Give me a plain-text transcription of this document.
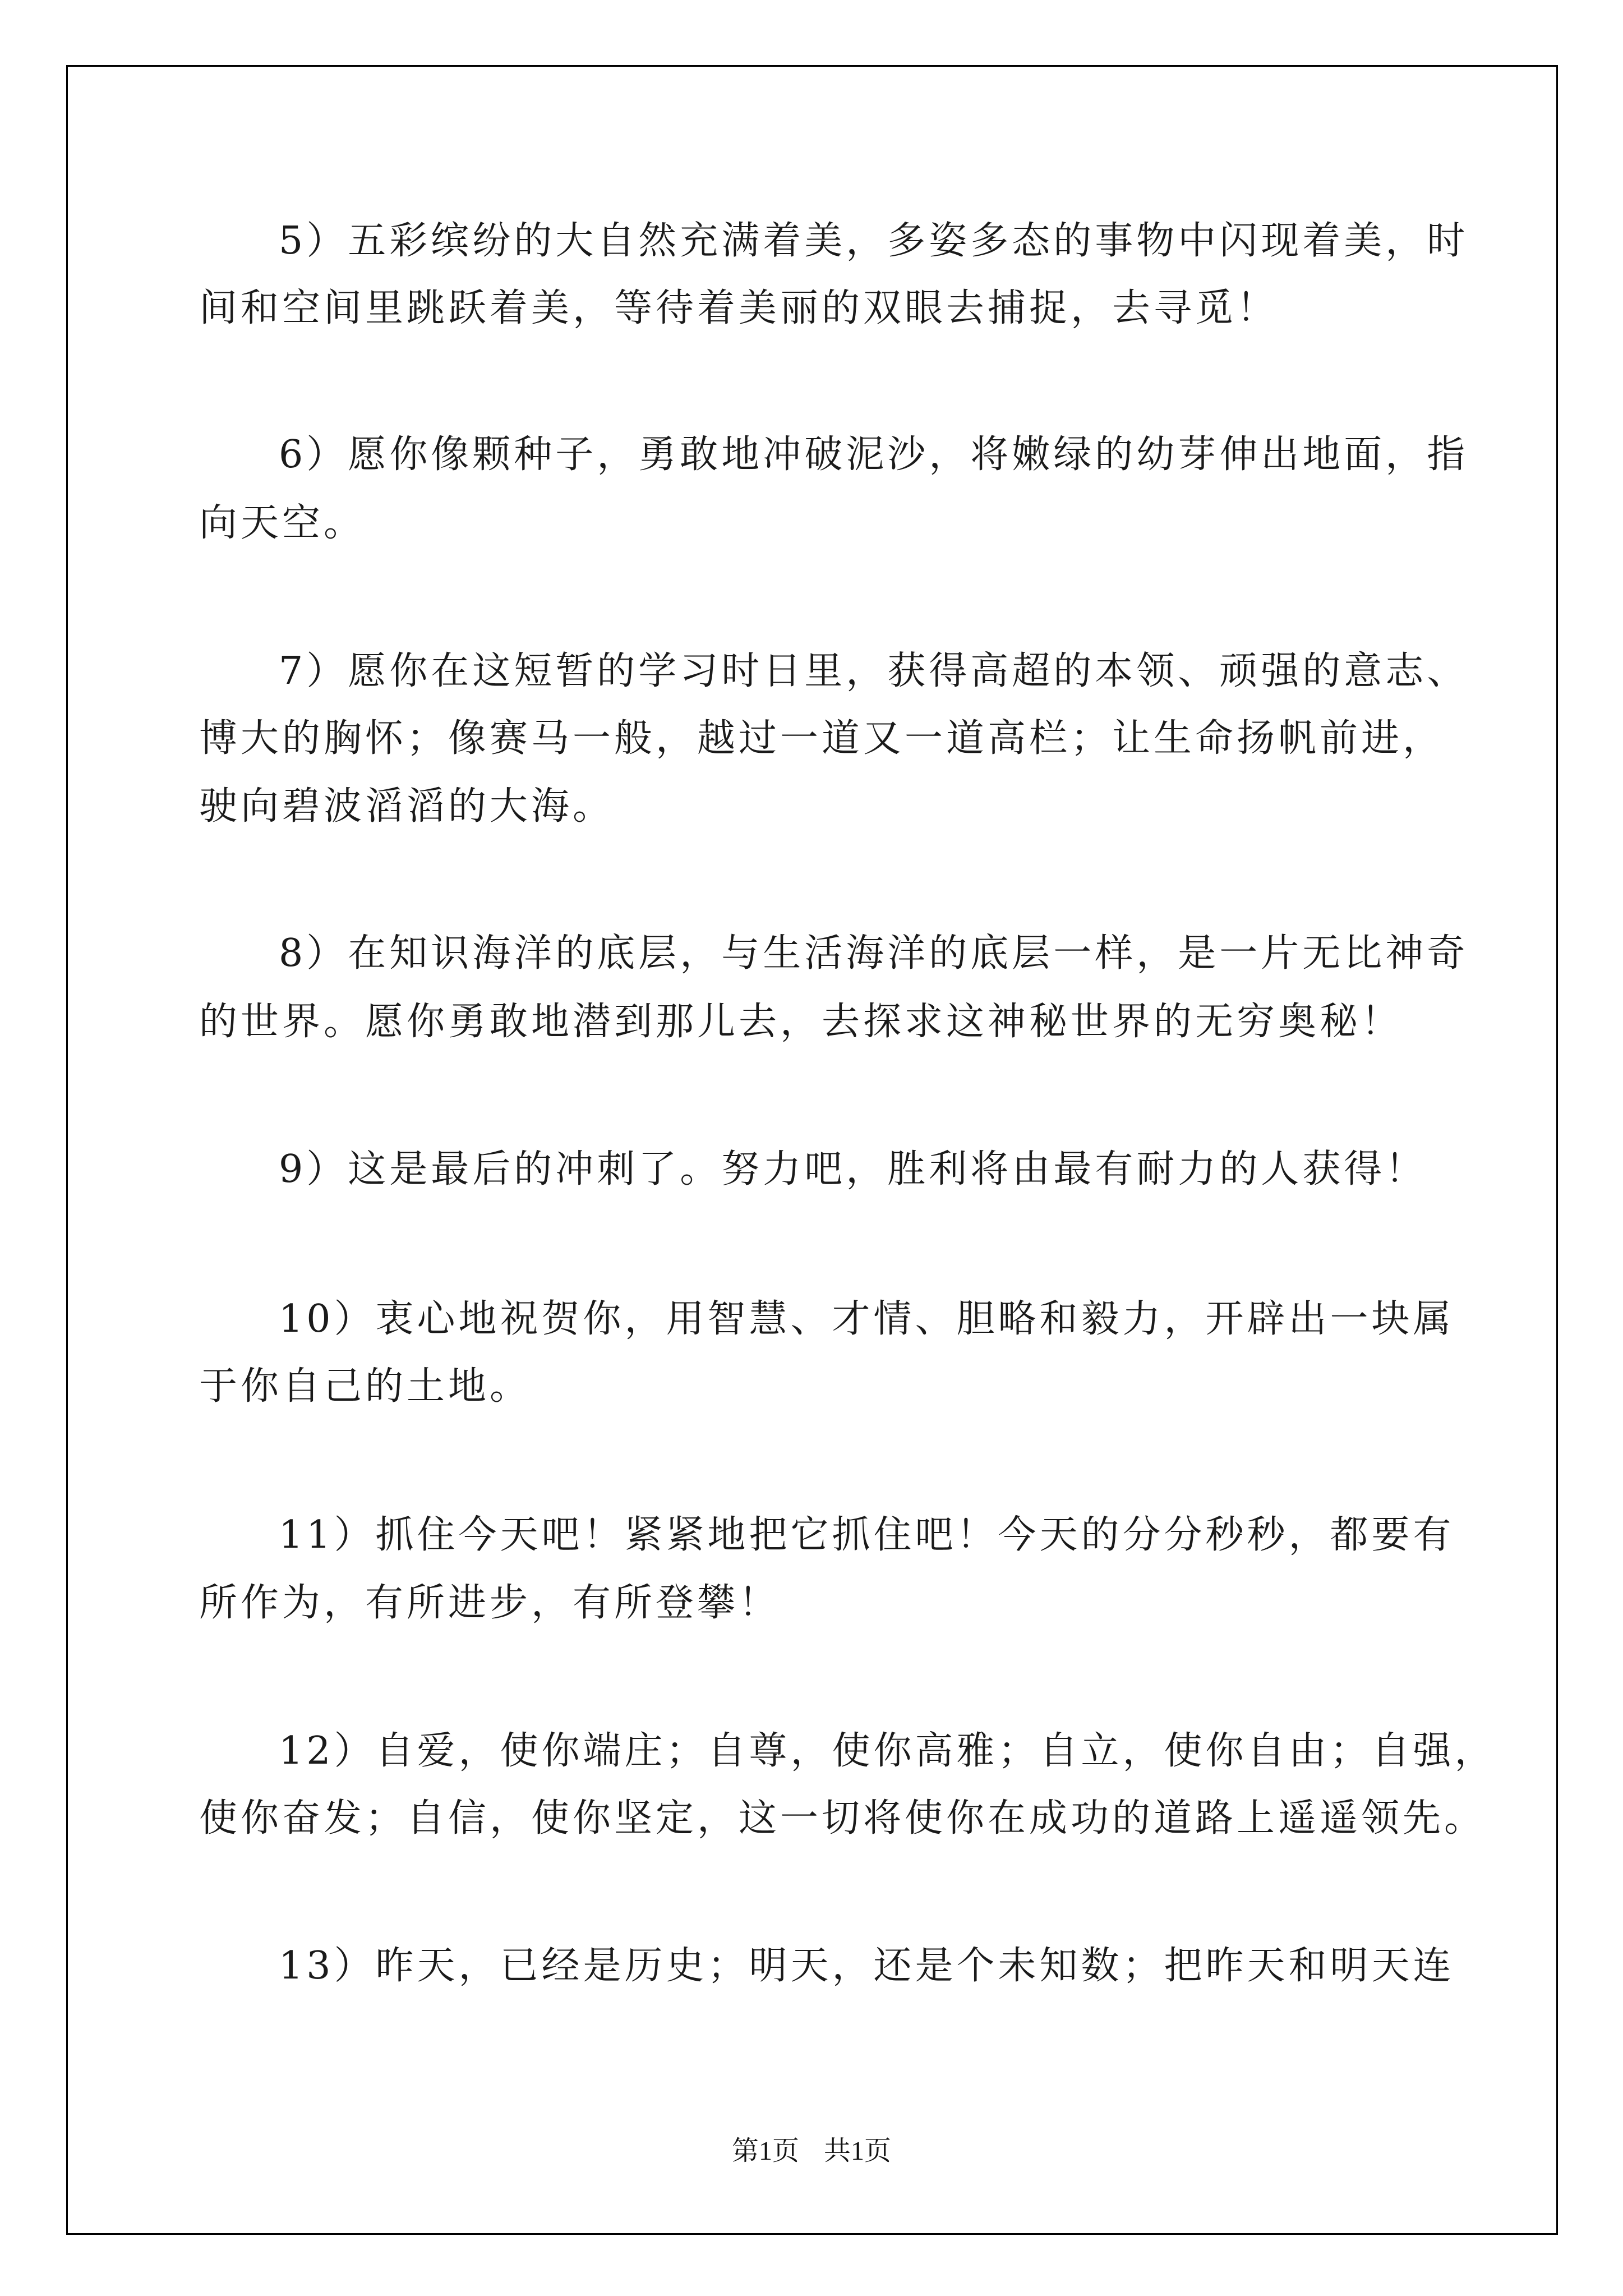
5）五彩缤纷的大自然充满着美，多姿多态的事物中闪现着美，时
间和空间里跳跃着美，等待着美丽的双眼去捕捉，去寻觅！
6）愿你像颗种子，勇敢地冲破泥沙，将嫩绿的幼芽伸出地面，指
向天空。
7）愿你在这短暂的学习时日里，获得高超的本领、顽强的意志、
博大的胸怀；像赛马一般，越过一道又一道高栏；让生命扬帆前进，
驶向碧波滔滔的大海。
8）在知识海洋的底层，与生活海洋的底层一样，是一片无比神奇
的世界。愿你勇敢地潜到那儿去，去探求这神秘世界的无穷奥秘！
9）这是最后的冲刺了。努力吧，胜利将由最有耐力的人获得！
10）衷心地祝贺你，用智慧、才情、胆略和毅力，开辟出一块属
于你自己的土地。
11）抓住今天吧！紧紧地把它抓住吧！今天的分分秒秒，都要有
所作为，有所进步，有所登攀！
12）自爱，使你端庄；自尊，使你高雅；自立，使你自由；自强，
使你奋发；自信，使你坚定，这一切将使你在成功的道路上遥遥领先。
13）昨天，已经是历史；明天，还是个未知数；把昨天和明天连
第1页 共1页
